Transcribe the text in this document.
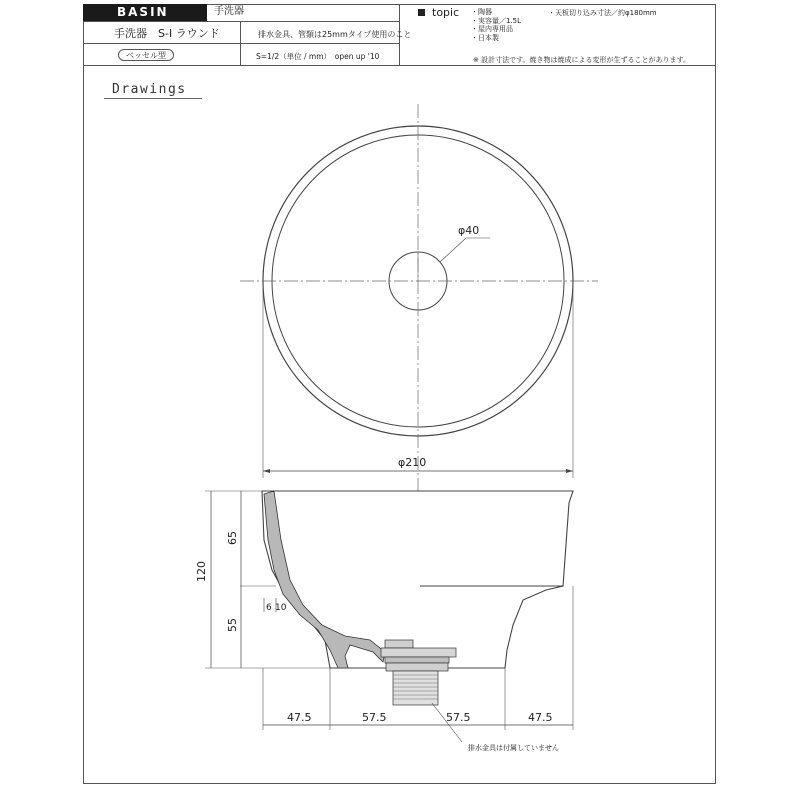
BASIN	手洗器
手洗器　S-I ラウンド	排水金具、管類は25mmタイプ使用のこと
ベッセル型	S=1/2（単位 / mm）　open up '10
topic ・陶器
・実容量／1.5L
・屋内専用品
・日本製
・天板切り込み寸法／約φ180mm
※ 設計寸法です。焼き物は焼成による変形が生ずることがあります。
Drawings
φ40
φ210
120
65
55
6 10
47.5	57.5	57.5	47.5
排水金具は付属していません
